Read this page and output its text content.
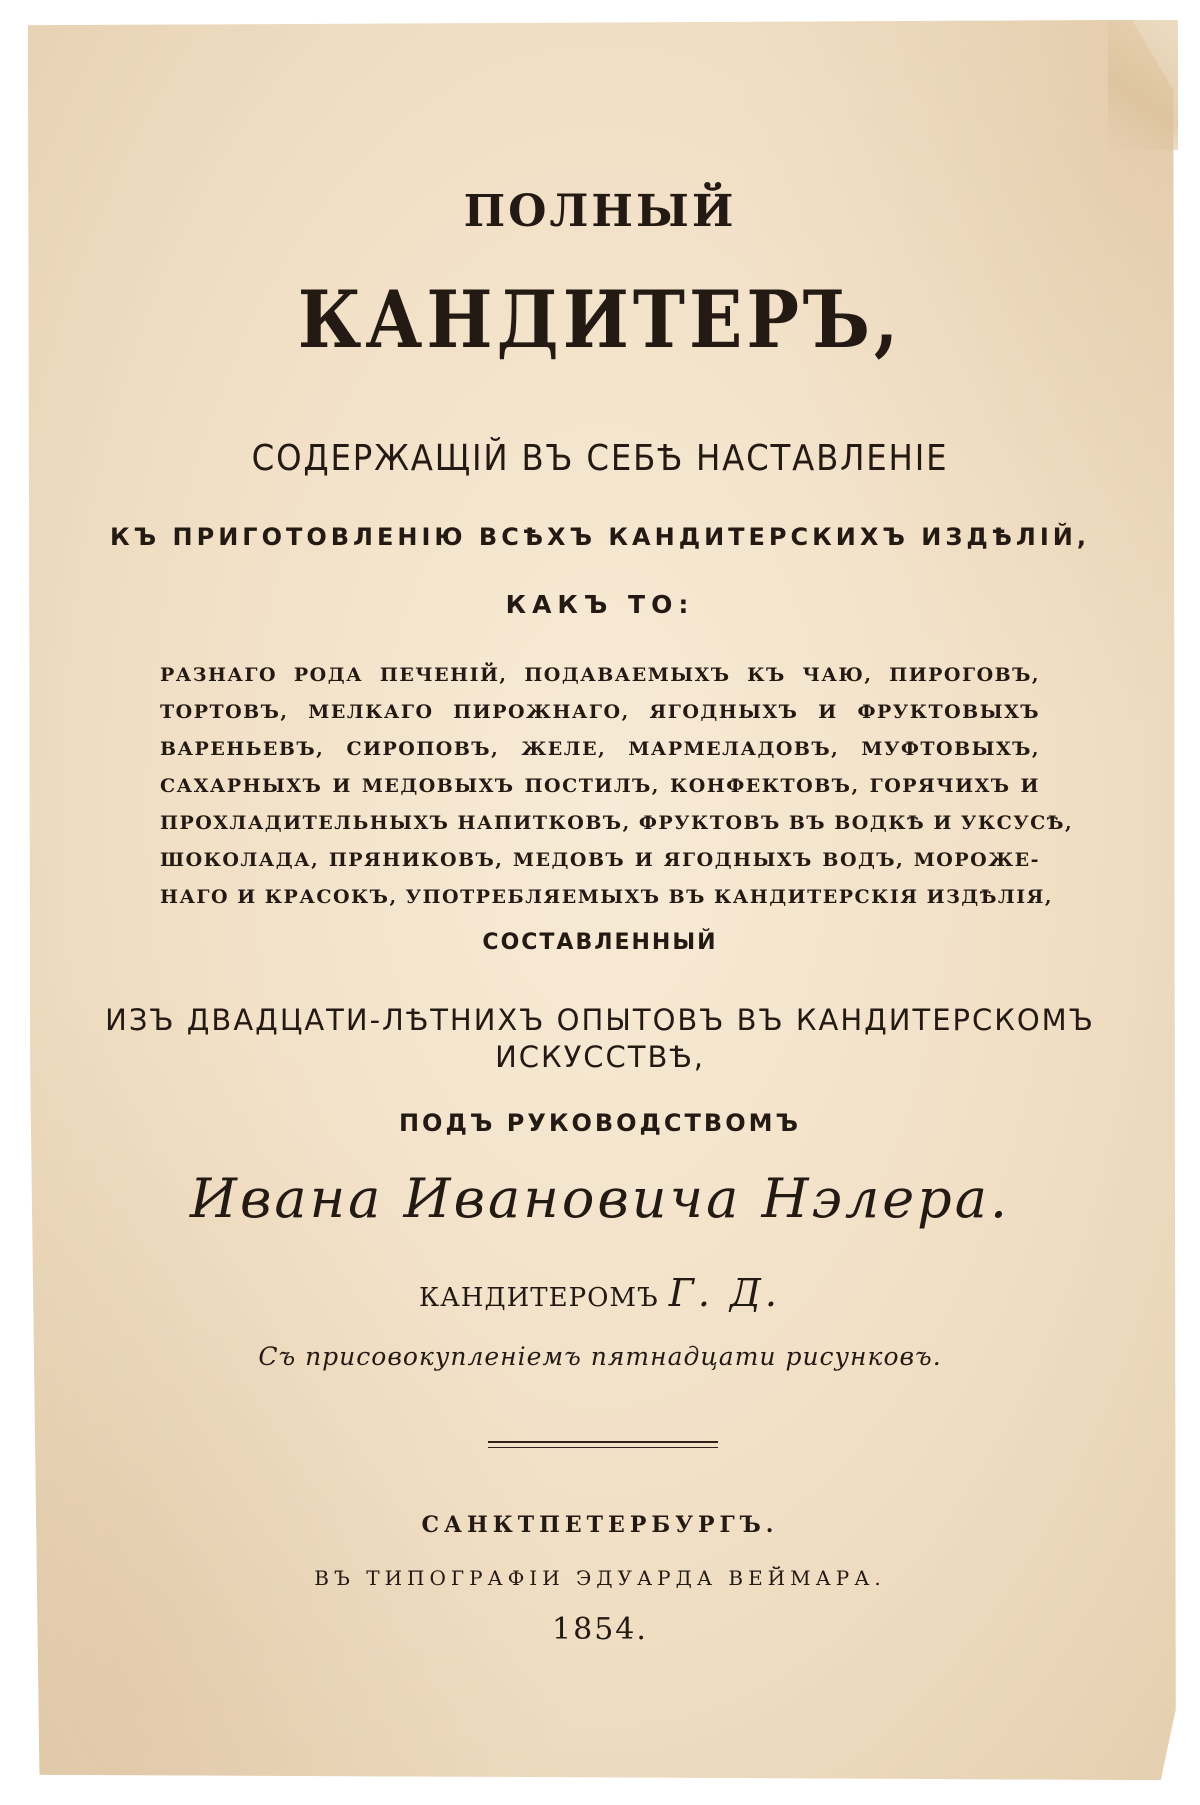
ПОЛНЫЙ
КАНДИТЕРЪ,
СОДЕРЖАЩІЙ ВЪ СЕБѢ НАСТАВЛЕНІЕ
КЪ ПРИГОТОВЛЕНІЮ ВСѢХЪ КАНДИТЕРСКИХЪ ИЗДѢЛІЙ,
КАКЪ ТО:
РАЗНАГО РОДА ПЕЧЕНІЙ, ПОДАВАЕМЫХЪ КЪ ЧАЮ, ПИРОГОВЪ,
ТОРТОВЪ, МЕЛКАГО ПИРОЖНАГО, ЯГОДНЫХЪ И ФРУКТОВЫХЪ
ВАРЕНЬЕВЪ, СИРОПОВЪ, ЖЕЛЕ, МАРМЕЛАДОВЪ, МУФТОВЫХЪ,
САХАРНЫХЪ И МЕДОВЫХЪ ПОСТИЛЪ, КОНФЕКТОВЪ, ГОРЯЧИХЪ И
ПРОХЛАДИТЕЛЬНЫХЪ НАПИТКОВЪ, ФРУКТОВЪ ВЪ ВОДКѢ И УКСУСѢ,
ШОКОЛАДА, ПРЯНИКОВЪ, МЕДОВЪ И ЯГОДНЫХЪ ВОДЪ, МОРОЖЕ-
НАГО И КРАСОКЪ, УПОТРЕБЛЯЕМЫХЪ ВЪ КАНДИТЕРСКІЯ ИЗДѢЛІЯ,
СОСТАВЛЕННЫЙ
ИЗЪ ДВАДЦАТИ-ЛѢТНИХЪ ОПЫТОВЪ ВЪ КАНДИТЕРСКОМЪ
ИСКУССТВѢ,
ПОДЪ РУКОВОДСТВОМЪ
Ивана Ивановича Нэлера.
КАНДИТЕРОМЪ Г. Д.
Съ присовокупленіемъ пятнадцати рисунковъ.
САНКТПЕТЕРБУРГЪ.
ВЪ ТИПОГРАФІИ ЭДУАРДА ВЕЙМАРА.
1854.
